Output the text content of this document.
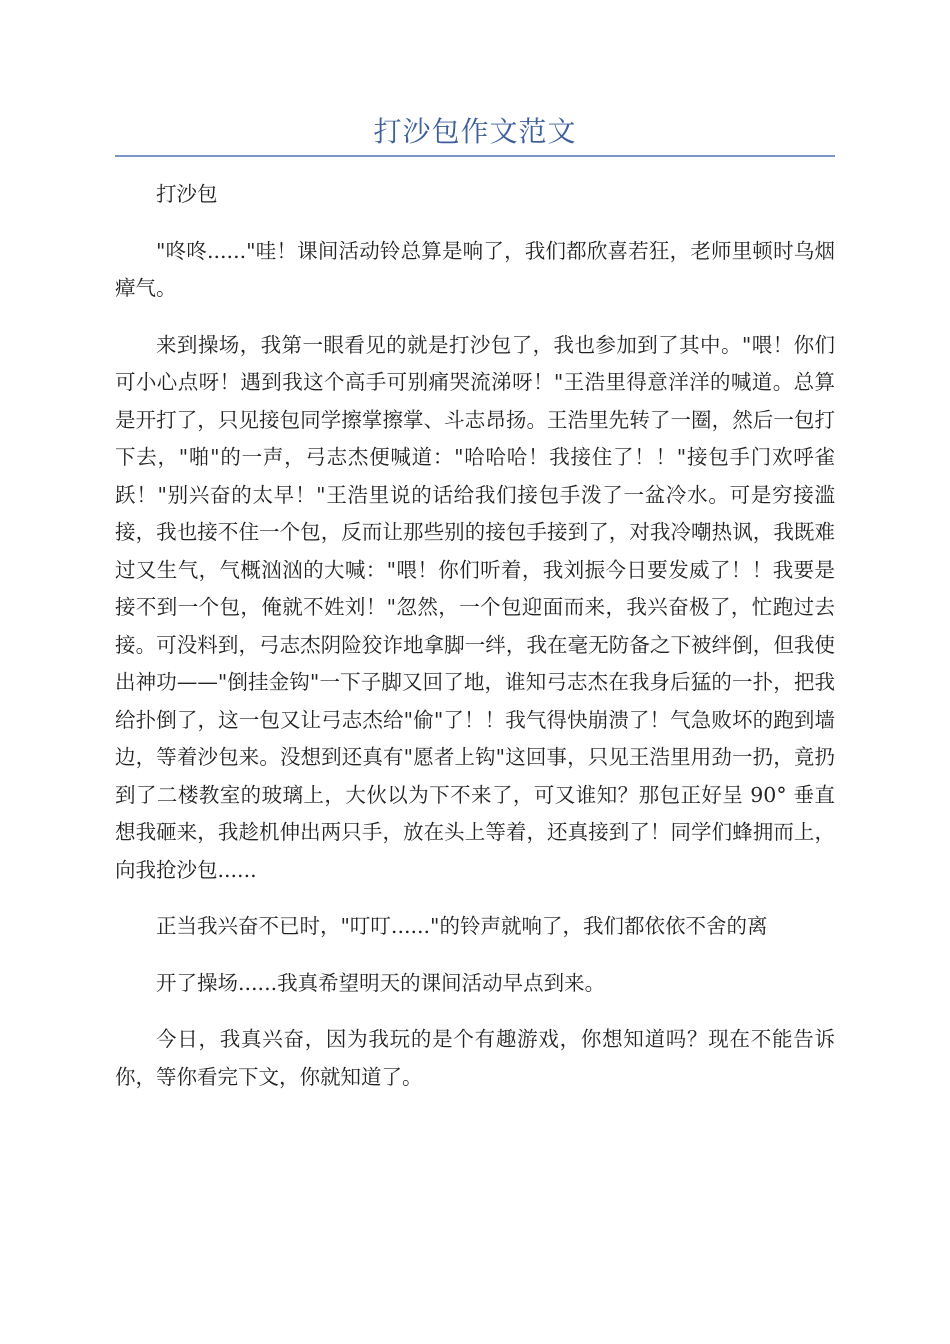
打沙包作文范文

打沙包

"咚咚......"哇！课间活动铃总算是响了，我们都欣喜若狂，老师里顿时乌烟瘴气。

来到操场，我第一眼看见的就是打沙包了，我也参加到了其中。"喂！你们可小心点呀！遇到我这个高手可别痛哭流涕呀！"王浩里得意洋洋的喊道。总算是开打了，只见接包同学擦掌擦掌、斗志昂扬。王浩里先转了一圈，然后一包打下去，"啪"的一声，弓志杰便喊道："哈哈哈！我接住了！！"接包手门欢呼雀跃！"别兴奋的太早！"王浩里说的话给我们接包手泼了一盆冷水。可是穷接滥接，我也接不住一个包，反而让那些别的接包手接到了，对我冷嘲热讽，我既难过又生气，气概汹汹的大喊："喂！你们听着，我刘振今日要发威了！！我要是接不到一个包，俺就不姓刘！"忽然，一个包迎面而来，我兴奋极了，忙跑过去接。可没料到，弓志杰阴险狡诈地拿脚一绊，我在毫无防备之下被绊倒，但我使出神功——"倒挂金钩"一下子脚又回了地，谁知弓志杰在我身后猛的一扑，把我给扑倒了，这一包又让弓志杰给"偷"了！！我气得快崩溃了！气急败坏的跑到墙边，等着沙包来。没想到还真有"愿者上钩"这回事，只见王浩里用劲一扔，竟扔到了二楼教室的玻璃上，大伙以为下不来了，可又谁知？那包正好呈 90° 垂直想我砸来，我趁机伸出两只手，放在头上等着，还真接到了！同学们蜂拥而上，向我抢沙包......

正当我兴奋不已时，"叮叮......"的铃声就响了，我们都依依不舍的离

开了操场......我真希望明天的课间活动早点到来。

今日，我真兴奋，因为我玩的是个有趣游戏，你想知道吗？现在不能告诉你，等你看完下文，你就知道了。
